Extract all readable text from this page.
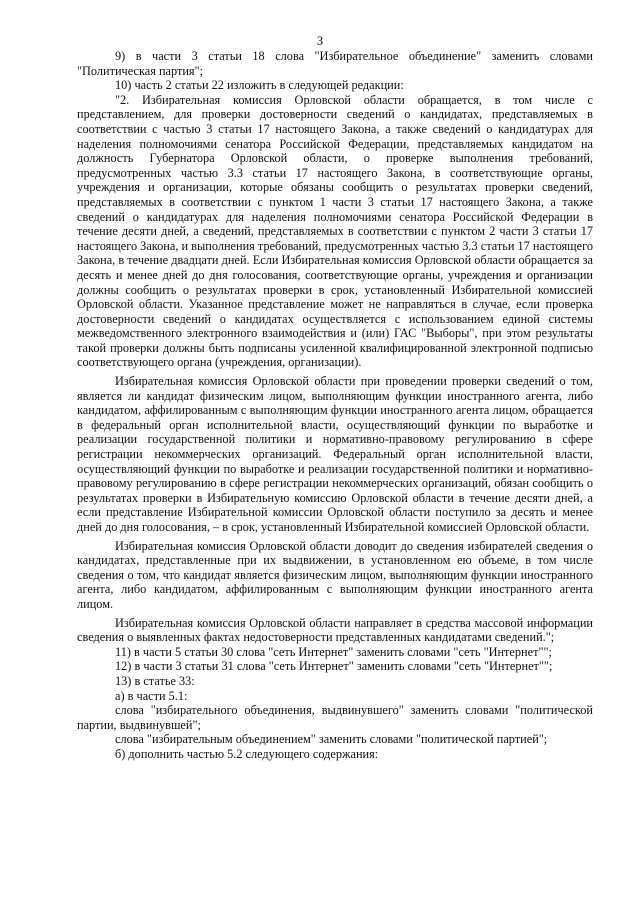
3

9) в части 3 статьи 18 слова "Избирательное объединение" заменить словами "Политическая партия";

10) часть 2 статьи 22 изложить в следующей редакции:

"2. Избирательная комиссия Орловской области обращается, в том числе с представлением, для проверки достоверности сведений о кандидатах, представляемых в соответствии с частью 3 статьи 17 настоящего Закона, а также сведений о кандидатурах для наделения полномочиями сенатора Российской Федерации, представляемых кандидатом на должность Губернатора Орловской области, о проверке выполнения требований, предусмотренных частью 3.3 статьи 17 настоящего Закона, в соответствующие органы, учреждения и организации, которые обязаны сообщить о результатах проверки сведений, представляемых в соответствии с пунктом 1 части 3 статьи 17 настоящего Закона, а также сведений о кандидатурах для наделения полномочиями сенатора Российской Федерации в течение десяти дней, а сведений, представляемых в соответствии с пунктом 2 части 3 статьи 17 настоящего Закона, и выполнения требований, предусмотренных частью 3.3 статьи 17 настоящего Закона, в течение двадцати дней. Если Избирательная комиссия Орловской области обращается за десять и менее дней до дня голосования, соответствующие органы, учреждения и организации должны сообщить о результатах проверки в срок, установленный Избирательной комиссией Орловской области. Указанное представление может не направляться в случае, если проверка достоверности сведений о кандидатах осуществляется с использованием единой системы межведомственного электронного взаимодействия и (или) ГАС "Выборы", при этом результаты такой проверки должны быть подписаны усиленной квалифицированной электронной подписью соответствующего органа (учреждения, организации).

Избирательная комиссия Орловской области при проведении проверки сведений о том, является ли кандидат физическим лицом, выполняющим функции иностранного агента, либо кандидатом, аффилированным с выполняющим функции иностранного агента лицом, обращается в федеральный орган исполнительной власти, осуществляющий функции по выработке и реализации государственной политики и нормативно-правовому регулированию в сфере регистрации некоммерческих организаций. Федеральный орган исполнительной власти, осуществляющий функции по выработке и реализации государственной политики и нормативно-правовому регулированию в сфере регистрации некоммерческих организаций, обязан сообщить о результатах проверки в Избирательную комиссию Орловской области в течение десяти дней, а если представление Избирательной комиссии Орловской области поступило за десять и менее дней до дня голосования, – в срок, установленный Избирательной комиссией Орловской области.

Избирательная комиссия Орловской области доводит до сведения избирателей сведения о кандидатах, представленные при их выдвижении, в установленном ею объеме, в том числе сведения о том, что кандидат является физическим лицом, выполняющим функции иностранного агента, либо кандидатом, аффилированным с выполняющим функции иностранного агента лицом.

Избирательная комиссия Орловской области направляет в средства массовой информации сведения о выявленных фактах недостоверности представленных кандидатами сведений.";

11) в части 5 статьи 30 слова "сеть Интернет" заменить словами "сеть "Интернет"";

12) в части 3 статьи 31 слова "сеть Интернет" заменить словами "сеть "Интернет"";

13) в статье 33:

а) в части 5.1:

слова "избирательного объединения, выдвинувшего" заменить словами "политической партии, выдвинувшей";

слова "избирательным объединением" заменить словами "политической партией";

б) дополнить частью 5.2 следующего содержания:
